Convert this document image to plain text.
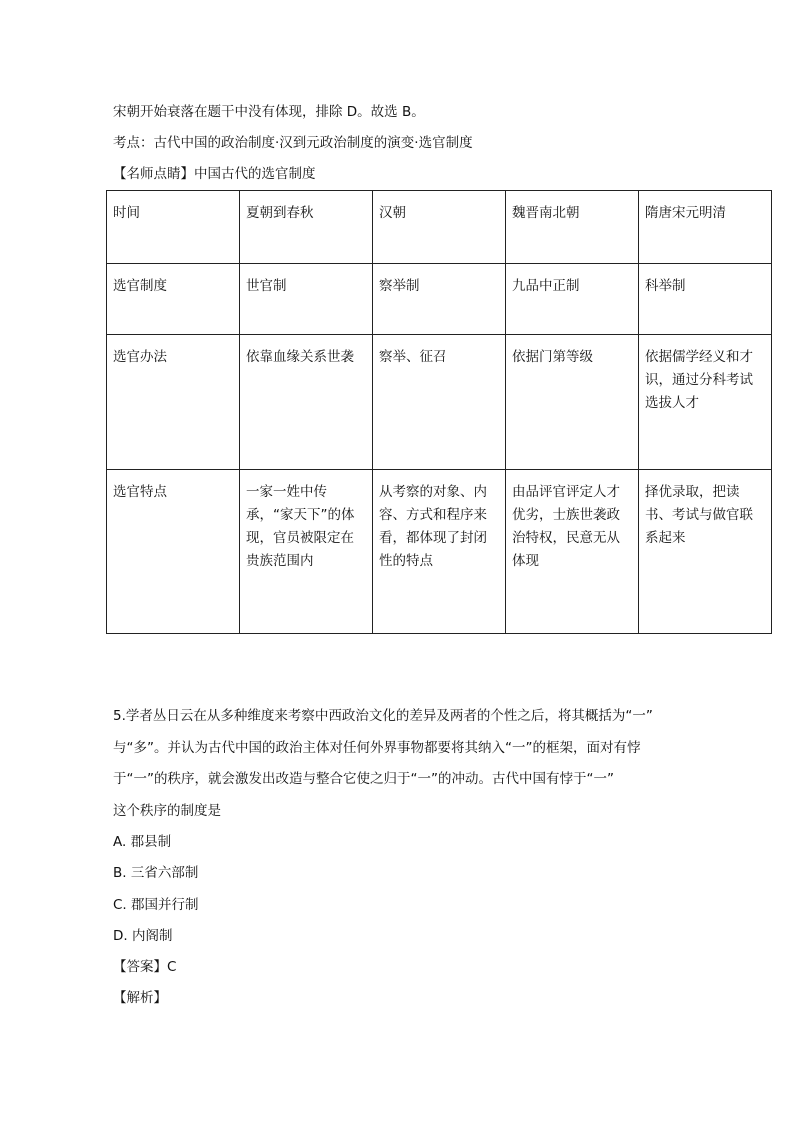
宋朝开始衰落在题干中没有体现，排除 D。故选 B。
考点：古代中国的政治制度·汉到元政治制度的演变·选官制度
【名师点睛】中国古代的选官制度
时间	夏朝到春秋	汉朝	魏晋南北朝	隋唐宋元明清

选官制度	世官制	察举制	九品中正制	科举制

选官办法	依靠血缘关系世袭	察举、征召	依据门第等级	依据儒学经义和才识，通过分科考试选拔人才

选官特点	一家一姓中传承，“家天下”的体现，官员被限定在贵族范围内	从考察的对象、内容、方式和程序来看，都体现了封闭性的特点	由品评官评定人才优劣，士族世袭政治特权，民意无从体现	择优录取，把读书、考试与做官联系起来
5.学者丛日云在从多种维度来考察中西政治文化的差异及两者的个性之后，将其概括为“一”
与“多”。并认为古代中国的政治主体对任何外界事物都要将其纳入“一”的框架，面对有悖
于“一”的秩序，就会激发出改造与整合它使之归于“一”的冲动。古代中国有悖于“一”
这个秩序的制度是
A. 郡县制
B. 三省六部制
C. 郡国并行制
D. 内阁制
【答案】C
【解析】
